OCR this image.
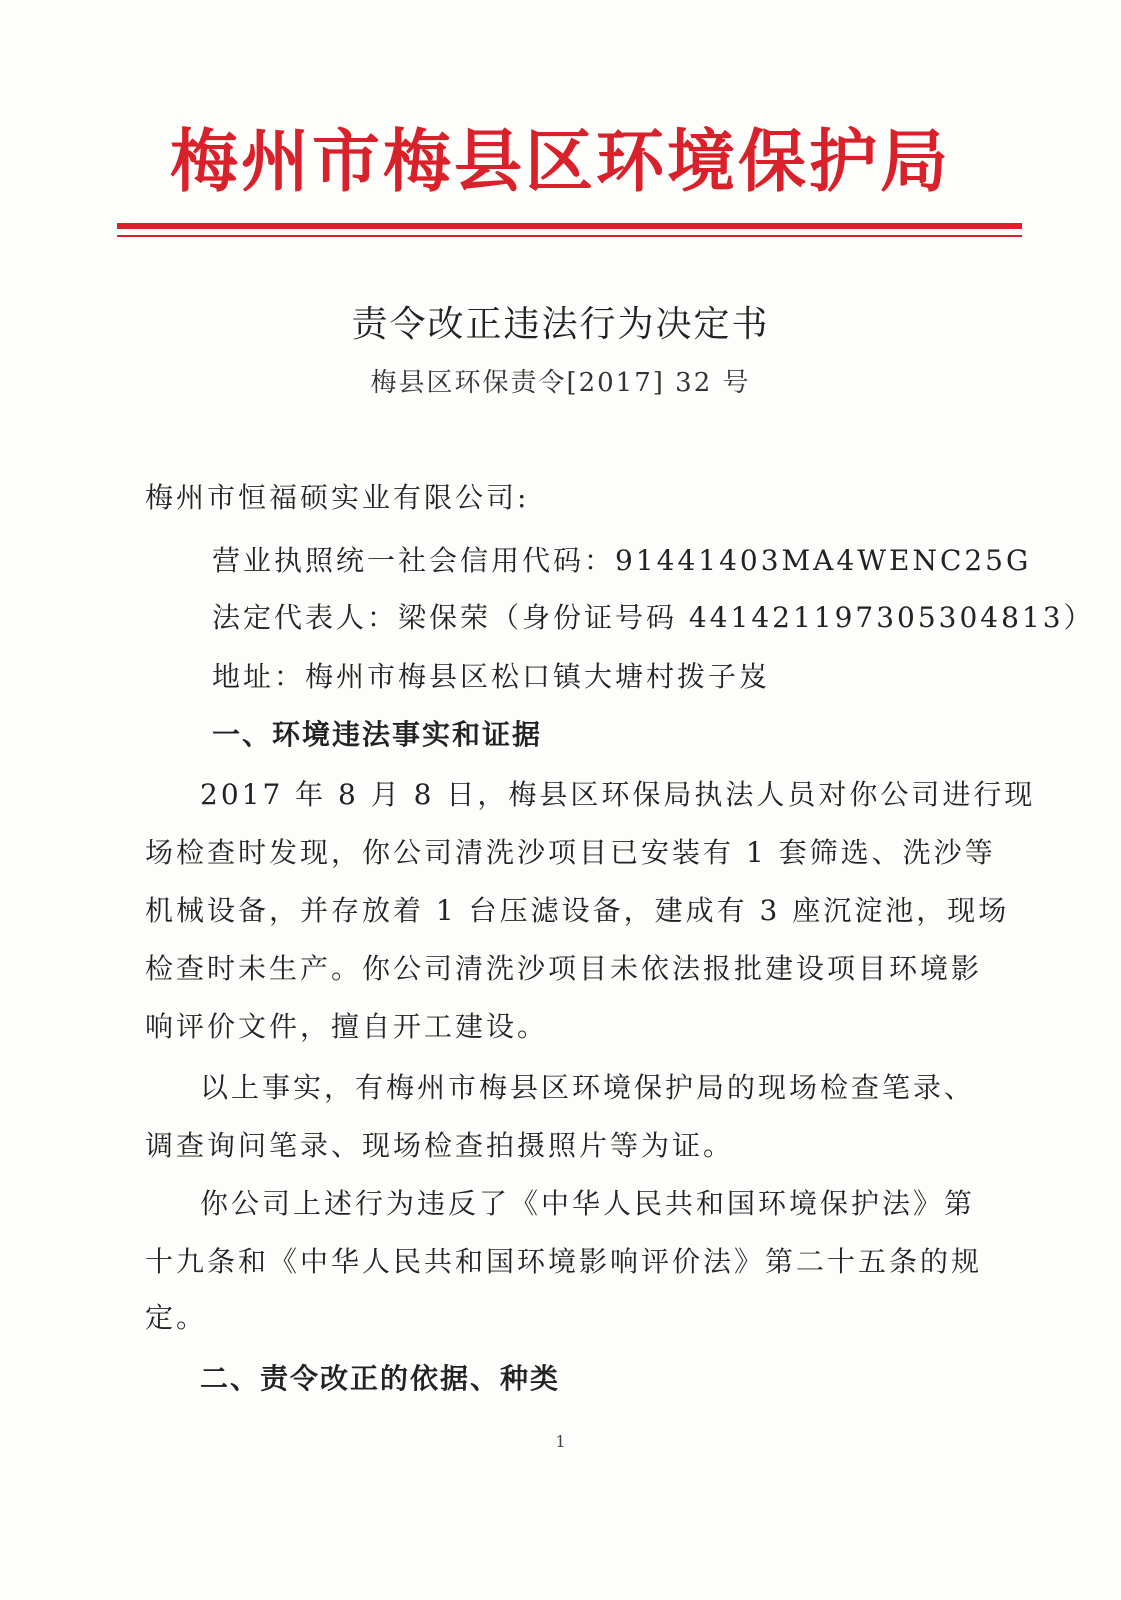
梅州市梅县区环境保护局
责令改正违法行为决定书
梅县区环保责令[2017] 32 号
梅州市恒福硕实业有限公司:
营业执照统一社会信用代码：91441403MA4WENC25G
法定代表人：梁保荣（身份证号码 441421197305304813）
地址：梅州市梅县区松口镇大塘村拨子岌
一、环境违法事实和证据
2017 年 8 月 8 日，梅县区环保局执法人员对你公司进行现
场检查时发现，你公司清洗沙项目已安装有 1 套筛选、洗沙等
机械设备，并存放着 1 台压滤设备，建成有 3 座沉淀池，现场
检查时未生产。你公司清洗沙项目未依法报批建设项目环境影
响评价文件，擅自开工建设。
以上事实，有梅州市梅县区环境保护局的现场检查笔录、
调查询问笔录、现场检查拍摄照片等为证。
你公司上述行为违反了《中华人民共和国环境保护法》第
十九条和《中华人民共和国环境影响评价法》第二十五条的规
定。
二、责令改正的依据、种类
1
